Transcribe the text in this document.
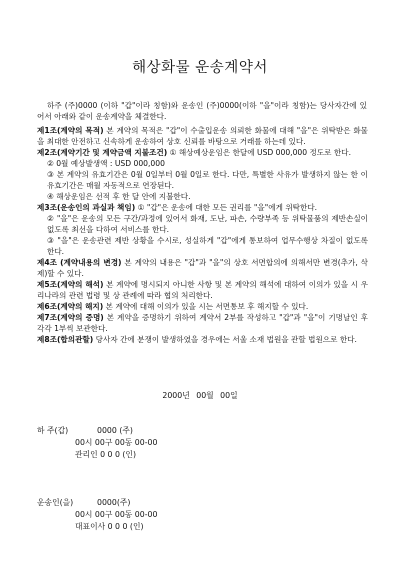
해상화물 운송계약서
하주 (주)0000 (이하 "갑"이라 칭함)와 운송인 (주)0000(이하 "을"이라 칭함)는 당사자간에 있어서 아래와 같이 운송계약을 체결한다.

제1조(계약의 목적) 본 계약의 목적은 "갑"이 수출입운송 의뢰한 화물에 대해 "을"은 위탁받은 화물을 최대한 안전하고 신속하게 운송하여 상호 신뢰를 바탕으로 거래를 하는데 있다.

제2조(계약기간 및 계약금액 지불조건) ① 해상예상운임은 한달에 USD 000,000 정도로 한다.

② 0월 예상발생액 : USD 000,000

③ 본 계약의 유효기간은 0월 0일부터 0월 0일로 한다. 다만, 특별한 사유가 발생하지 않는 한 이 유효기간은 매월 자동적으로 연장된다.

④ 해상운임은 선적 후 한 달 안에 지불한다.

제3조(운송인의 과실과 책임) ① "갑"은 운송에 대한 모든 권리를 "을"에게 위탁한다.

② "을"은 운송의 모든 구간/과정에 있어서 화재, 도난, 파손, 수량부족 등 위탁물품의 제반손실이 없도록 최선을 다하여 서비스를 한다.

③ "을"은 운송관련 제반 상황을 수시로, 성실하게 "갑"에게 통보하여 업무수행상 차질이 없도록 한다.

제4조 (계약내용의 변경) 본 계약의 내용은 "갑"과 "을"의 상호 서면합의에 의해서만 변경(추가, 삭제)할 수 있다.

제5조(계약의 해석) 본 계약에 명시되지 아니한 사항 및 본 계약의 해석에 대하여 이의가 있을 시 우리나라의 관련 법령 및 상 관례에 따라 협의 처리한다.

제6조(계약의 해지) 본 계약에 대해 이의가 있을 시는 서면통보 후 해지할 수 있다.

제7조(계약의 증명) 본 계약을 증명하기 위하여 계약서 2부를 작성하고 "갑"과 "을"이 기명날인 후 각각 1부씩 보관한다.

제8조(합의관할) 당사자 간에 분쟁이 발생하였을 경우에는 서울 소재 법원을 관할 법원으로 한다.

2000년 00월 00일
하 주(갑)	0000 (주)
00시 00구 00동 00-00
관리인 0 0 0 (인)
운송인(을)	0000(주)
00시 00구 00동 00-00
대표이사 0 0 0 (인)
